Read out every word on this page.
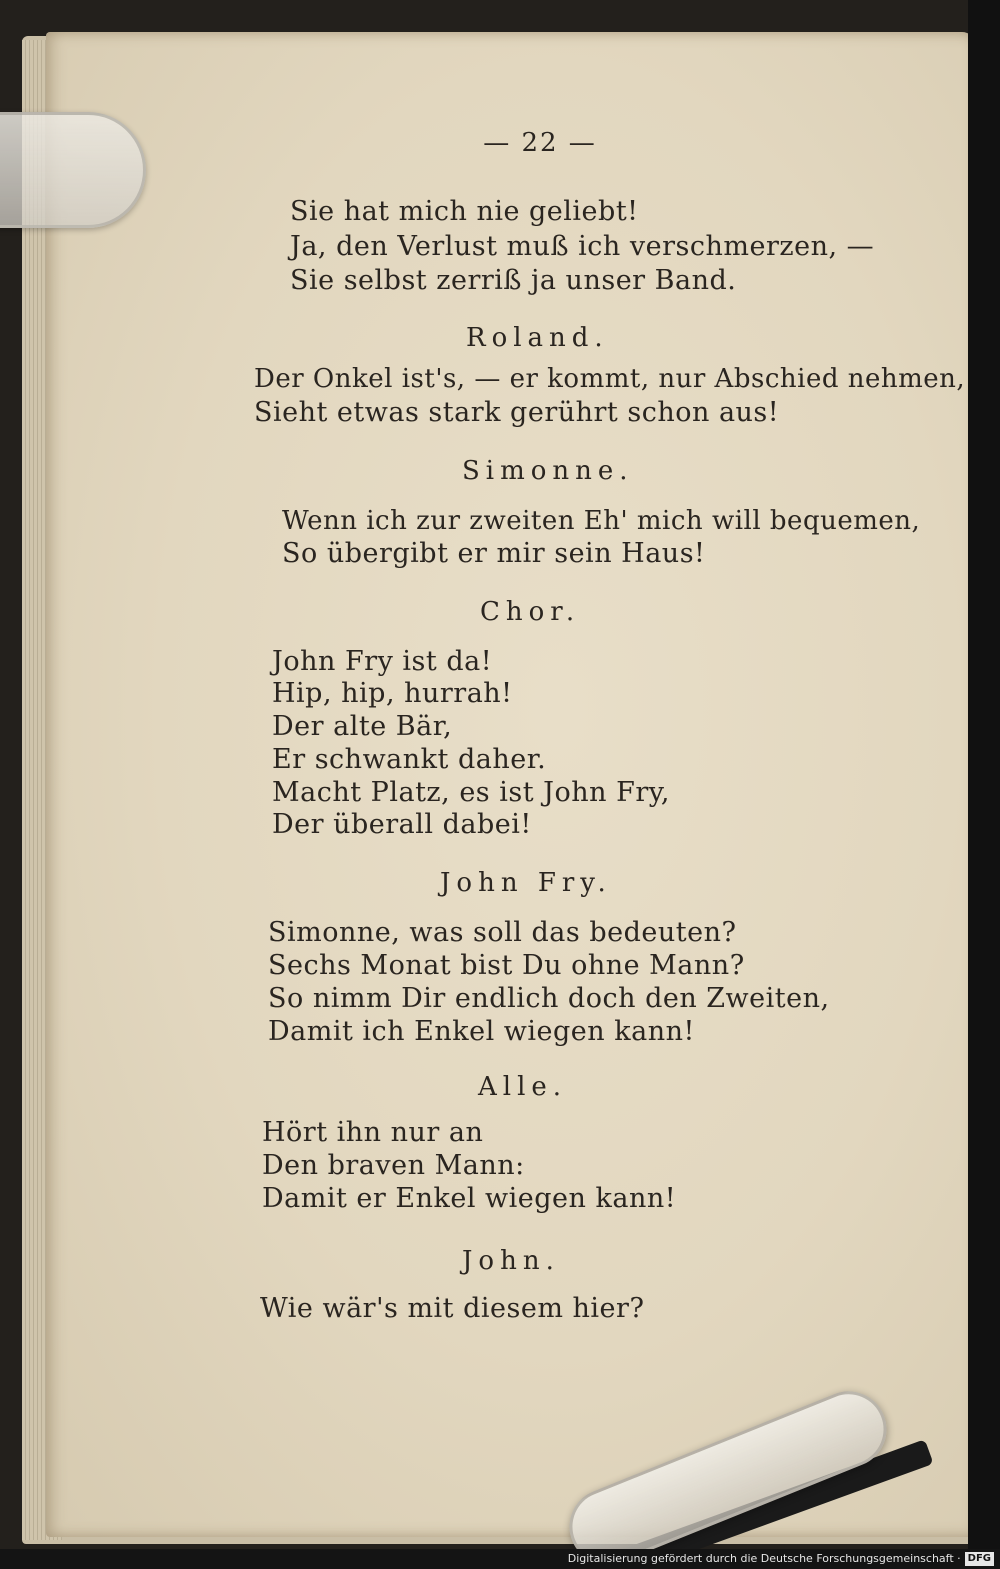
— 22 —
Sie hat mich nie geliebt!
Ja, den Verlust muß ich verschmerzen, —
Sie selbst zerriß ja unser Band.
Roland.
Der Onkel ist's, — er kommt, nur Abschied nehmen,
Sieht etwas stark gerührt schon aus!
Simonne.
Wenn ich zur zweiten Eh' mich will bequemen,
So übergibt er mir sein Haus!
Chor.
John Fry ist da!
Hip, hip, hurrah!
Der alte Bär,
Er schwankt daher.
Macht Platz, es ist John Fry,
Der überall dabei!
John Fry.
Simonne, was soll das bedeuten?
Sechs Monat bist Du ohne Mann?
So nimm Dir endlich doch den Zweiten,
Damit ich Enkel wiegen kann!
Alle.
Hört ihn nur an
Den braven Mann:
Damit er Enkel wiegen kann!
John.
Wie wär's mit diesem hier?
Digitalisierung gefördert durch die Deutsche Forschungsgemeinschaft · DFG
